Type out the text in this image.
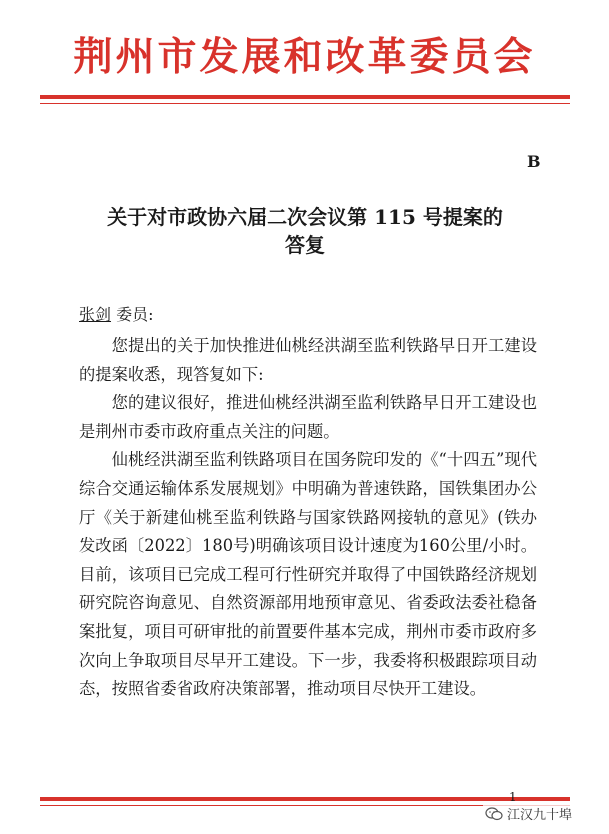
荆州市发展和改革委员会
B
关于对市政协六届二次会议第 115 号提案的
答复
张剑 委员:

您提出的关于加快推进仙桃经洪湖至监利铁路早日开工建设的提案收悉，现答复如下:

您的建议很好，推进仙桃经洪湖至监利铁路早日开工建设也是荆州市委市政府重点关注的问题。

仙桃经洪湖至监利铁路项目在国务院印发的《“十四五”现代综合交通运输体系发展规划》中明确为普速铁路，国铁集团办公厅《关于新建仙桃至监利铁路与国家铁路网接轨的意见》(铁办发改函〔2022〕180号)明确该项目设计速度为160公里/小时。目前，该项目已完成工程可行性研究并取得了中国铁路经济规划研究院咨询意见、自然资源部用地预审意见、省委政法委社稳备案批复，项目可研审批的前置要件基本完成，荆州市委市政府多次向上争取项目尽早开工建设。下一步，我委将积极跟踪项目动态，按照省委省政府决策部署，推动项目尽快开工建设。

1
江汉九十埠
